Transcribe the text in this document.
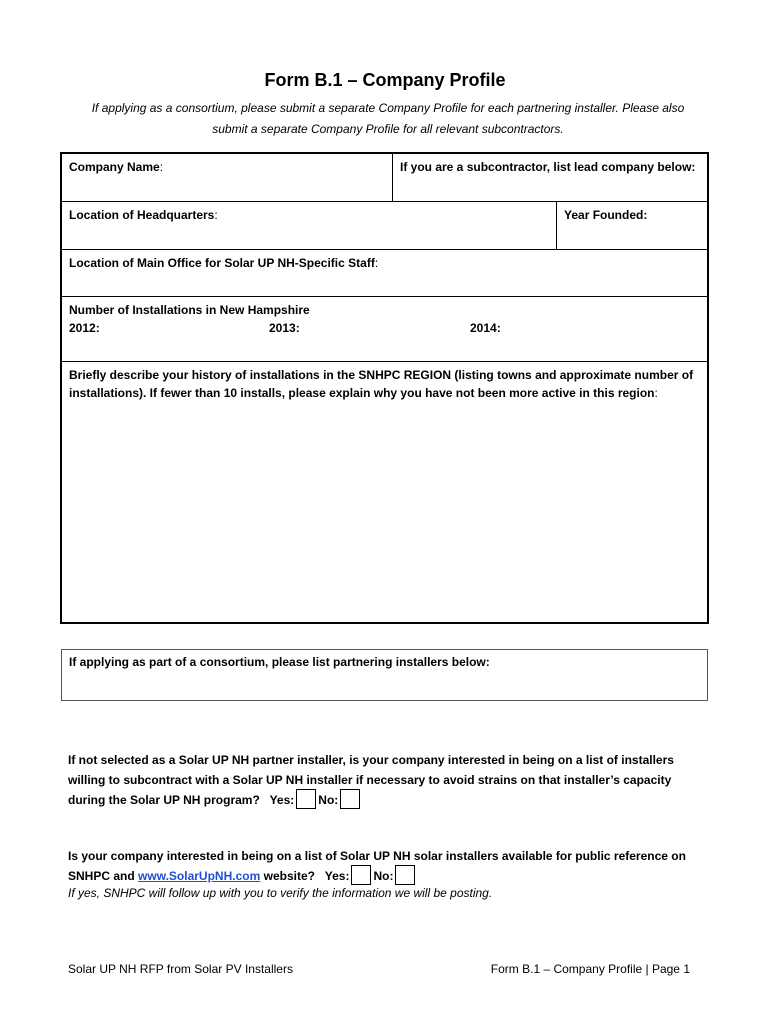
Form B.1 – Company Profile
If applying as a consortium, please submit a separate Company Profile for each partnering installer. Please also
submit a separate Company Profile for all relevant subcontractors.
Company Name:	If you are a subcontractor, list lead company below:
Location of Headquarters:	Year Founded:
Location of Main Office for Solar UP NH-Specific Staff:
Number of Installations in New Hampshire
2012:	2013:	2014:
Briefly describe your history of installations in the SNHPC REGION (listing towns and approximate number of
installations). If fewer than 10 installs, please explain why you have not been more active in this region:
If applying as part of a consortium, please list partnering installers below:
If not selected as a Solar UP NH partner installer, is your company interested in being on a list of installers
willing to subcontract with a Solar UP NH installer if necessary to avoid strains on that installer’s capacity
during the Solar UP NH program? Yes: No:
Is your company interested in being on a list of Solar UP NH solar installers available for public reference on
SNHPC and www.SolarUpNH.com website? Yes: No:
If yes, SNHPC will follow up with you to verify the information we will be posting.
Solar UP NH RFP from Solar PV Installers	Form B.1 – Company Profile | Page 1
